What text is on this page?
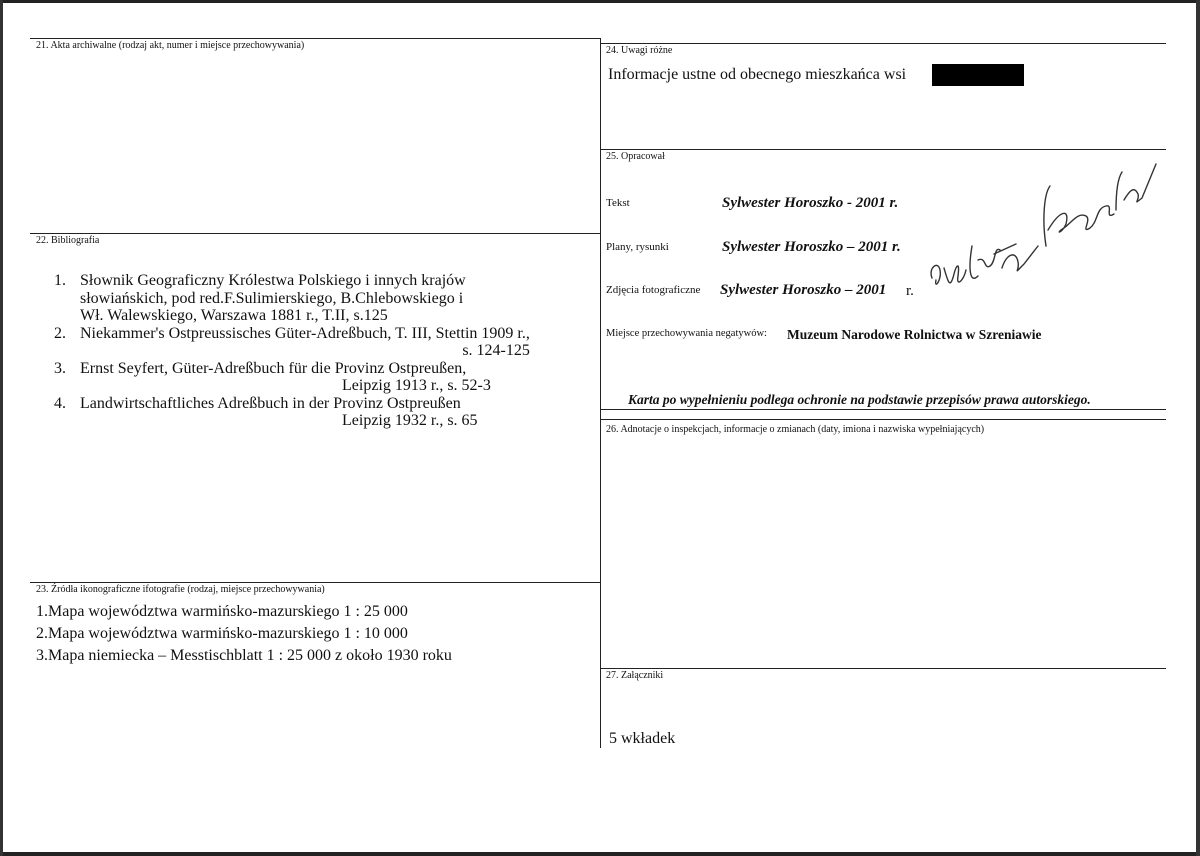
21. Akta archiwalne (rodzaj akt, numer i miejsce przechowywania)
22. Bibliografia
1. Słownik Geograficzny Królestwa Polskiego i innych krajów
słowiańskich, pod red.F.Sulimierskiego, B.Chlebowskiego i
Wł. Walewskiego, Warszawa 1881 r., T.II, s.125
2. Niekammer's Ostpreussisches Güter-Adreßbuch, T. III, Stettin 1909 r.,
s. 124-125
3. Ernst Seyfert, Güter-Adreßbuch für die Provinz Ostpreußen,
Leipzig 1913 r., s. 52-3
4. Landwirtschaftliches Adreßbuch in der Provinz Ostpreußen
Leipzig 1932 r., s. 65
23. Źródła ikonograficzne ifotografie (rodzaj, miejsce przechowywania)
1.Mapa województwa warmińsko-mazurskiego 1 : 25 000
2.Mapa województwa warmińsko-mazurskiego 1 : 10 000
3.Mapa niemiecka – Messtischblatt 1 : 25 000 z około 1930 roku
24. Uwagi różne
Informacje ustne od obecnego mieszkańca wsi
25. Opracował
Tekst	Sylwester Horoszko - 2001 r.
Plany, rysunki	Sylwester Horoszko – 2001 r.
Zdjęcia fotograficzne Sylwester Horoszko – 2001 r.
Miejsce przechowywania negatywów: Muzeum Narodowe Rolnictwa w Szreniawie
Karta po wypełnieniu podlega ochronie na podstawie przepisów prawa autorskiego.
26. Adnotacje o inspekcjach, informacje o zmianach (daty, imiona i nazwiska wypełniających)
27. Załączniki
5 wkładek
